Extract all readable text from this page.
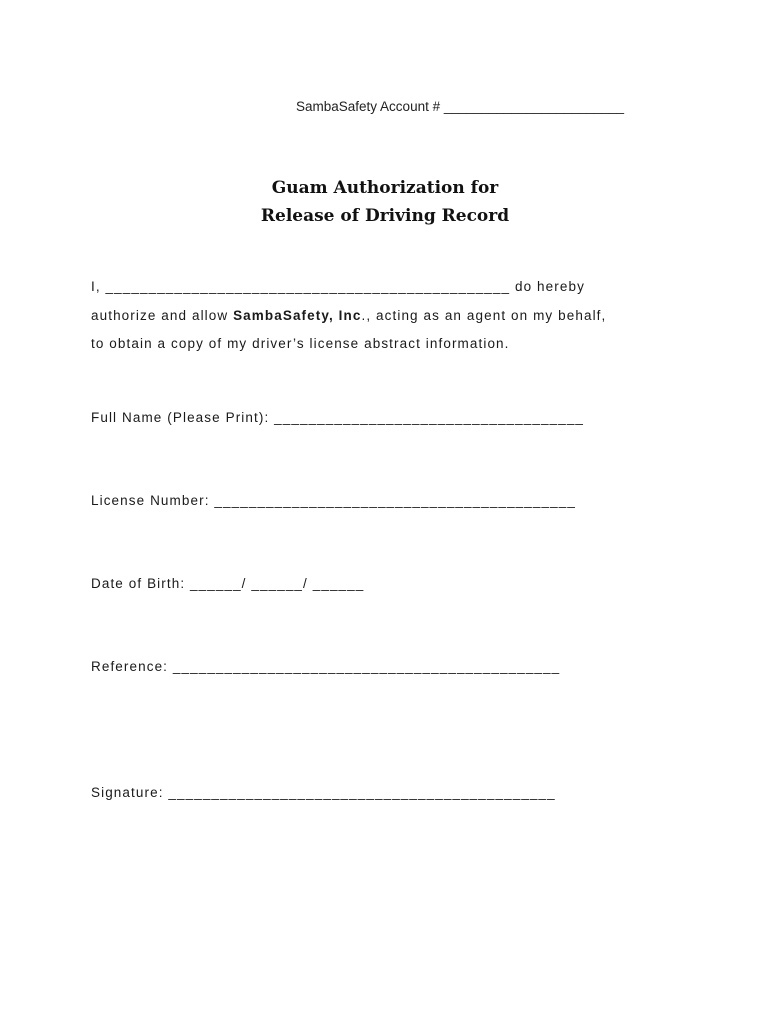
SambaSafety Account # ________________________
Guam Authorization for
Release of Driving Record
I, _______________________________________________ do hereby
authorize and allow SambaSafety, Inc., acting as an agent on my behalf,
to obtain a copy of my driver’s license abstract information.
Full Name (Please Print): ____________________________________
License Number: __________________________________________
Date of Birth: ______/ ______/ ______
Reference: _____________________________________________
Signature: _____________________________________________
